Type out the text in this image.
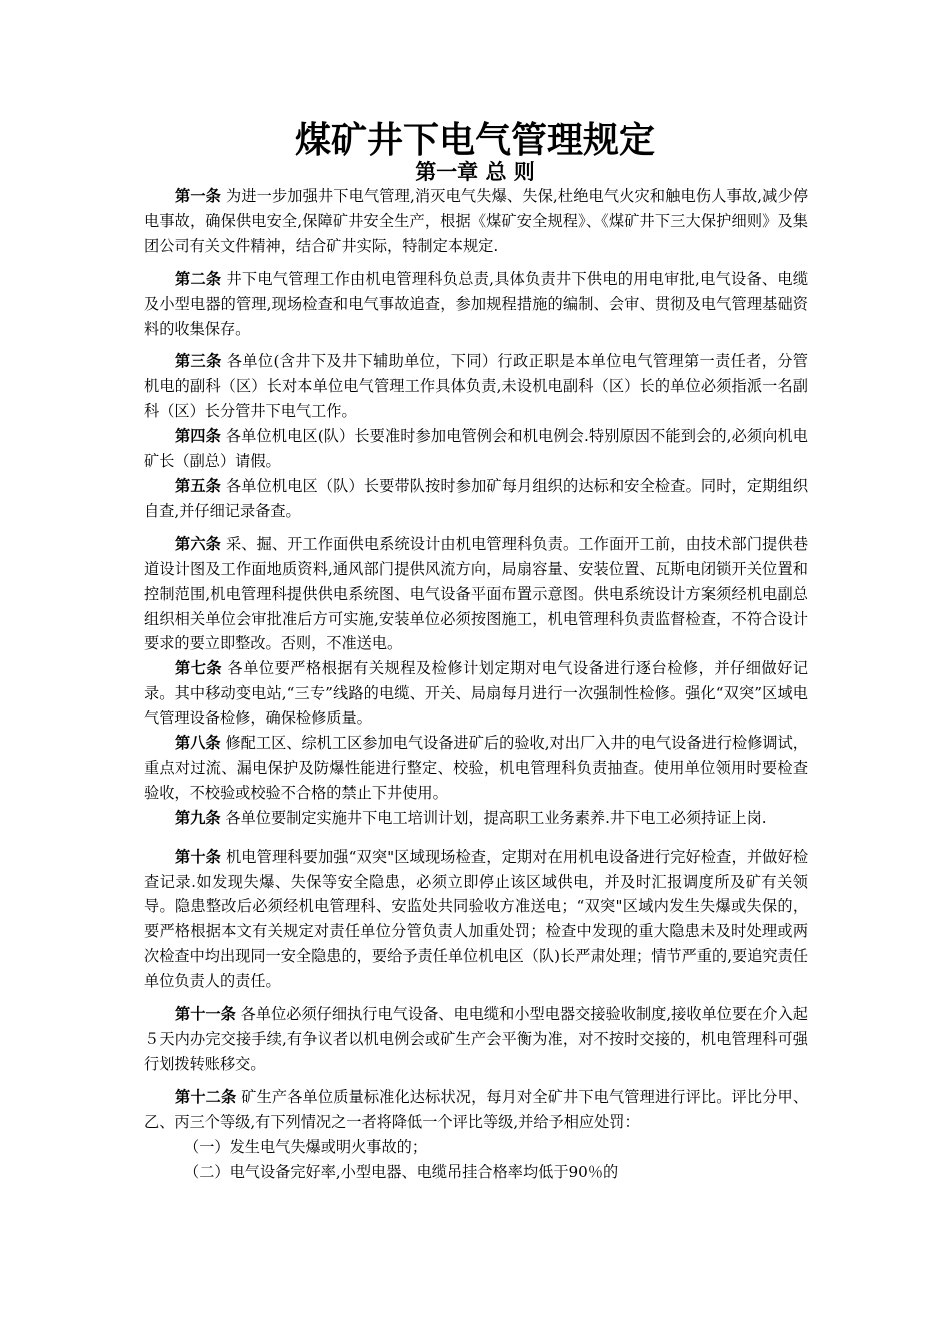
煤矿井下电气管理规定
第一章 总 则

第一条 为进一步加强井下电气管理,消灭电气失爆、失保,杜绝电气火灾和触电伤人事故,减少停电事故，确保供电安全,保障矿井安全生产，根据《煤矿安全规程》、《煤矿井下三大保护细则》及集团公司有关文件精神，结合矿井实际，特制定本规定.

第二条 井下电气管理工作由机电管理科负总责,具体负责井下供电的用电审批,电气设备、电缆及小型电器的管理,现场检查和电气事故追查，参加规程措施的编制、会审、贯彻及电气管理基础资料的收集保存。

第三条 各单位(含井下及井下辅助单位，下同）行政正职是本单位电气管理第一责任者，分管机电的副科（区）长对本单位电气管理工作具体负责,未设机电副科（区）长的单位必须指派一名副科（区）长分管井下电气工作。

第四条 各单位机电区(队）长要准时参加电管例会和机电例会.特别原因不能到会的,必须向机电矿长（副总）请假。

第五条 各单位机电区（队）长要带队按时参加矿每月组织的达标和安全检查。同时，定期组织自查,并仔细记录备查。

第六条 采、掘、开工作面供电系统设计由机电管理科负责。工作面开工前，由技术部门提供巷道设计图及工作面地质资料,通风部门提供风流方向，局扇容量、安装位置、瓦斯电闭锁开关位置和控制范围,机电管理科提供供电系统图、电气设备平面布置示意图。供电系统设计方案须经机电副总组织相关单位会审批准后方可实施,安装单位必须按图施工，机电管理科负责监督检查，不符合设计要求的要立即整改。否则，不准送电。

第七条 各单位要严格根据有关规程及检修计划定期对电气设备进行逐台检修，并仔细做好记录。其中移动变电站,“三专”线路的电缆、开关、局扇每月进行一次强制性检修。强化“双突”区域电气管理设备检修，确保检修质量。

第八条 修配工区、综机工区参加电气设备进矿后的验收,对出厂入井的电气设备进行检修调试，重点对过流、漏电保护及防爆性能进行整定、校验，机电管理科负责抽查。使用单位领用时要检查验收，不校验或校验不合格的禁止下井使用。

第九条 各单位要制定实施井下电工培训计划，提高职工业务素养.井下电工必须持证上岗.

第十条 机电管理科要加强“双突"区域现场检查，定期对在用机电设备进行完好检查，并做好检查记录.如发现失爆、失保等安全隐患，必须立即停止该区域供电，并及时汇报调度所及矿有关领导。隐患整改后必须经机电管理科、安监处共同验收方准送电；“双突"区域内发生失爆或失保的，要严格根据本文有关规定对责任单位分管负责人加重处罚；检查中发现的重大隐患未及时处理或两次检查中均出现同一安全隐患的，要给予责任单位机电区（队)长严肃处理；情节严重的,要追究责任单位负责人的责任。

第十一条 各单位必须仔细执行电气设备、电电缆和小型电器交接验收制度,接收单位要在介入起５天内办完交接手续,有争议者以机电例会或矿生产会平衡为准，对不按时交接的，机电管理科可强行划拨转账移交。

第十二条 矿生产各单位质量标准化达标状况，每月对全矿井下电气管理进行评比。评比分甲、乙、丙三个等级,有下列情况之一者将降低一个评比等级,并给予相应处罚：

（一）发生电气失爆或明火事故的；

（二）电气设备完好率,小型电器、电缆吊挂合格率均低于90％的
